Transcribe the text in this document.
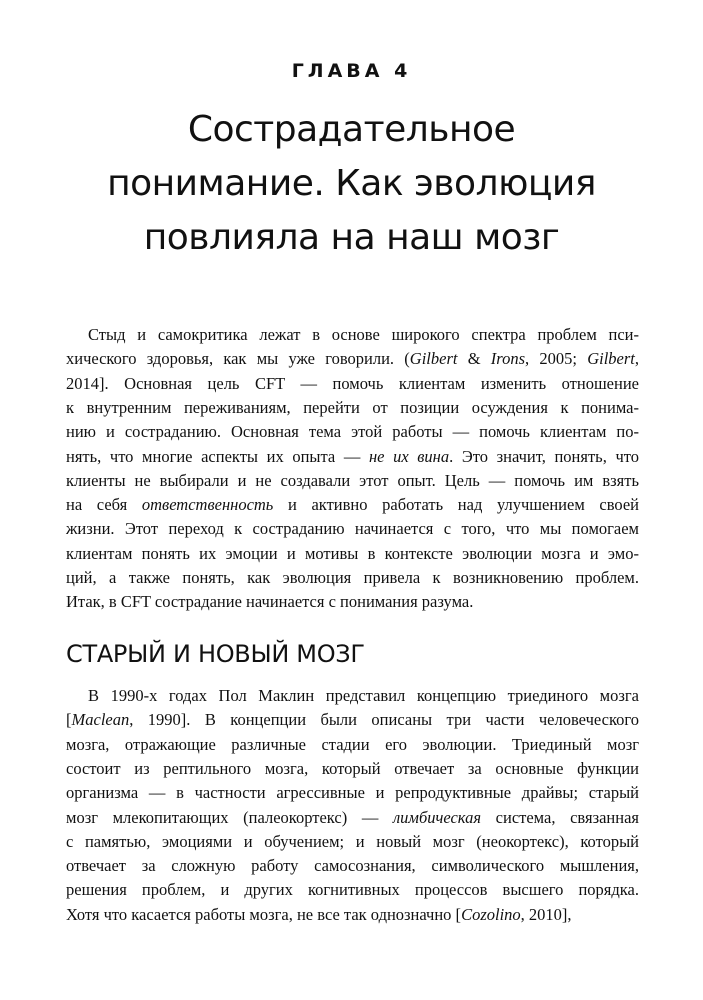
ГЛАВА 4
Сострадательное
понимание. Как эволюция
повлияла на наш мозг
Стыд и самокритика лежат в основе широкого спектра проблем пси-
хического здоровья, как мы уже говорили. (Gilbert & Irons, 2005; Gilbert,
2014]. Основная цель CFT — помочь клиентам изменить отношение
к внутренним переживаниям, перейти от позиции осуждения к понима-
нию и состраданию. Основная тема этой работы — помочь клиентам по-
нять, что многие аспекты их опыта — не их вина. Это значит, понять, что
клиенты не выбирали и не создавали этот опыт. Цель — помочь им взять
на себя ответственность и активно работать над улучшением своей
жизни. Этот переход к состраданию начинается с того, что мы помогаем
клиентам понять их эмоции и мотивы в контексте эволюции мозга и эмо-
ций, а также понять, как эволюция привела к возникновению проблем.
Итак, в CFT сострадание начинается с понимания разума.
СТАРЫЙ И НОВЫЙ МОЗГ
В 1990-х годах Пол Маклин представил концепцию триединого мозга
[Maclean, 1990]. В концепции были описаны три части человеческого
мозга, отражающие различные стадии его эволюции. Триединый мозг
состоит из рептильного мозга, который отвечает за основные функции
организма — в частности агрессивные и репродуктивные драйвы; старый
мозг млекопитающих (палеокортекс) — лимбическая система, связанная
с памятью, эмоциями и обучением; и новый мозг (неокортекс), который
отвечает за сложную работу самосознания, символического мышления,
решения проблем, и других когнитивных процессов высшего порядка.
Хотя что касается работы мозга, не все так однозначно [Cozolino, 2010],
